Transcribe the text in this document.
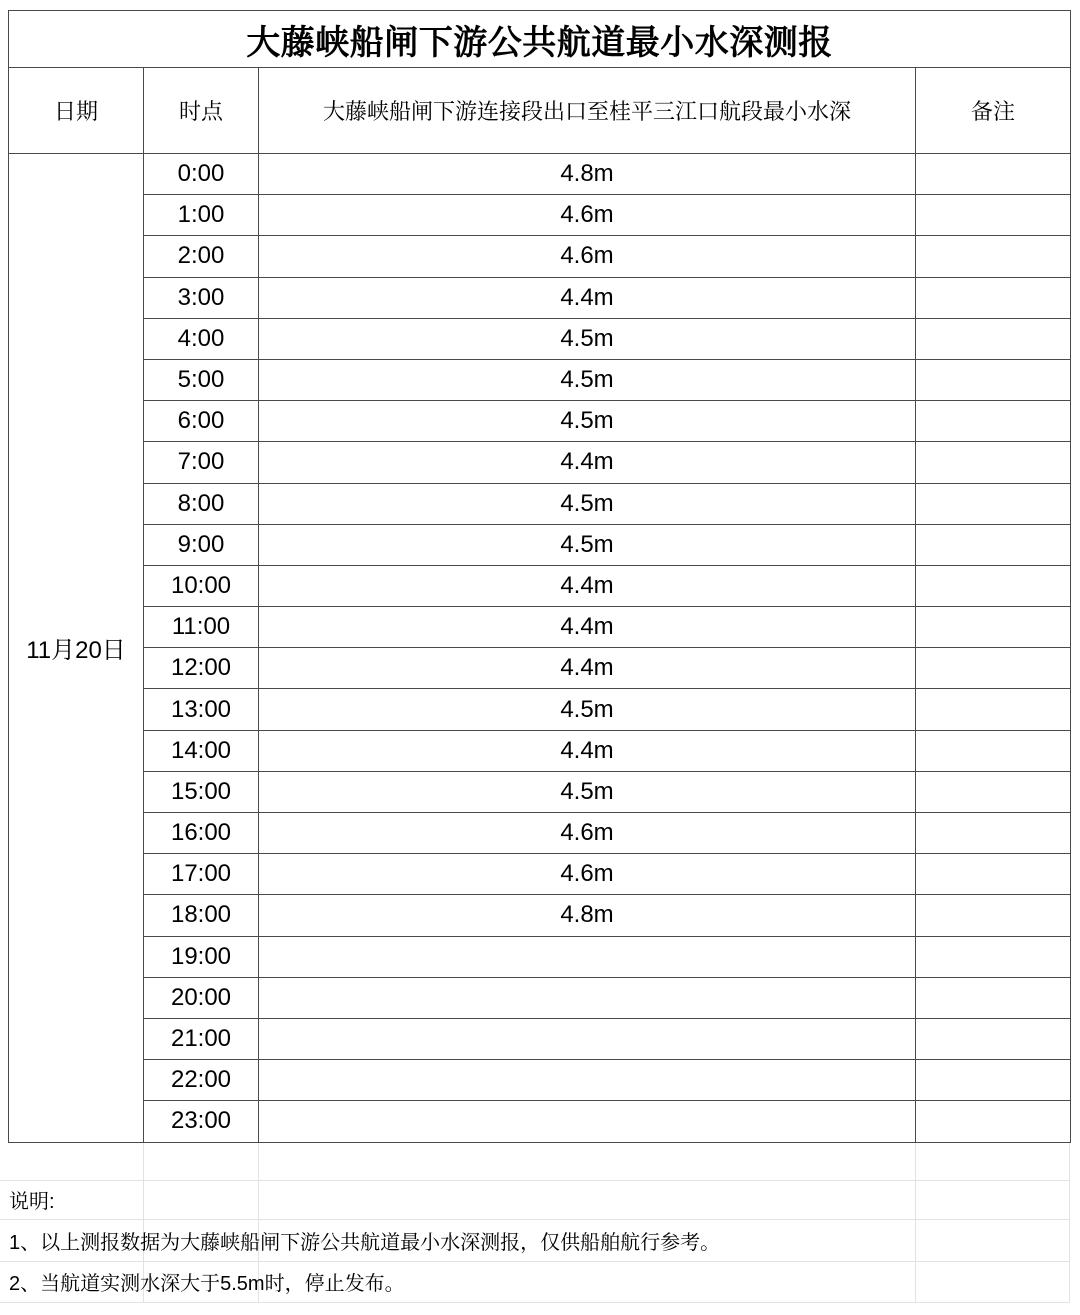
大藤峡船闸下游公共航道最小水深测报			
日期	时点	大藤峡船闸下游连接段出口至桂平三江口航段最小水深	备注
11月20日	0:00	4.8m	
	1:00	4.6m	
	2:00	4.6m	
	3:00	4.4m	
	4:00	4.5m	
	5:00	4.5m	
	6:00	4.5m	
	7:00	4.4m	
	8:00	4.5m	
	9:00	4.5m	
	10:00	4.4m	
	11:00	4.4m	
	12:00	4.4m	
	13:00	4.5m	
	14:00	4.4m	
	15:00	4.5m	
	16:00	4.6m	
	17:00	4.6m	
	18:00	4.8m	
	19:00		
	20:00		
	21:00		
	22:00		
	23:00		
说明:
1、以上测报数据为大藤峡船闸下游公共航道最小水深测报，仅供船舶航行参考。
2、当航道实测水深大于5.5m时，停止发布。
